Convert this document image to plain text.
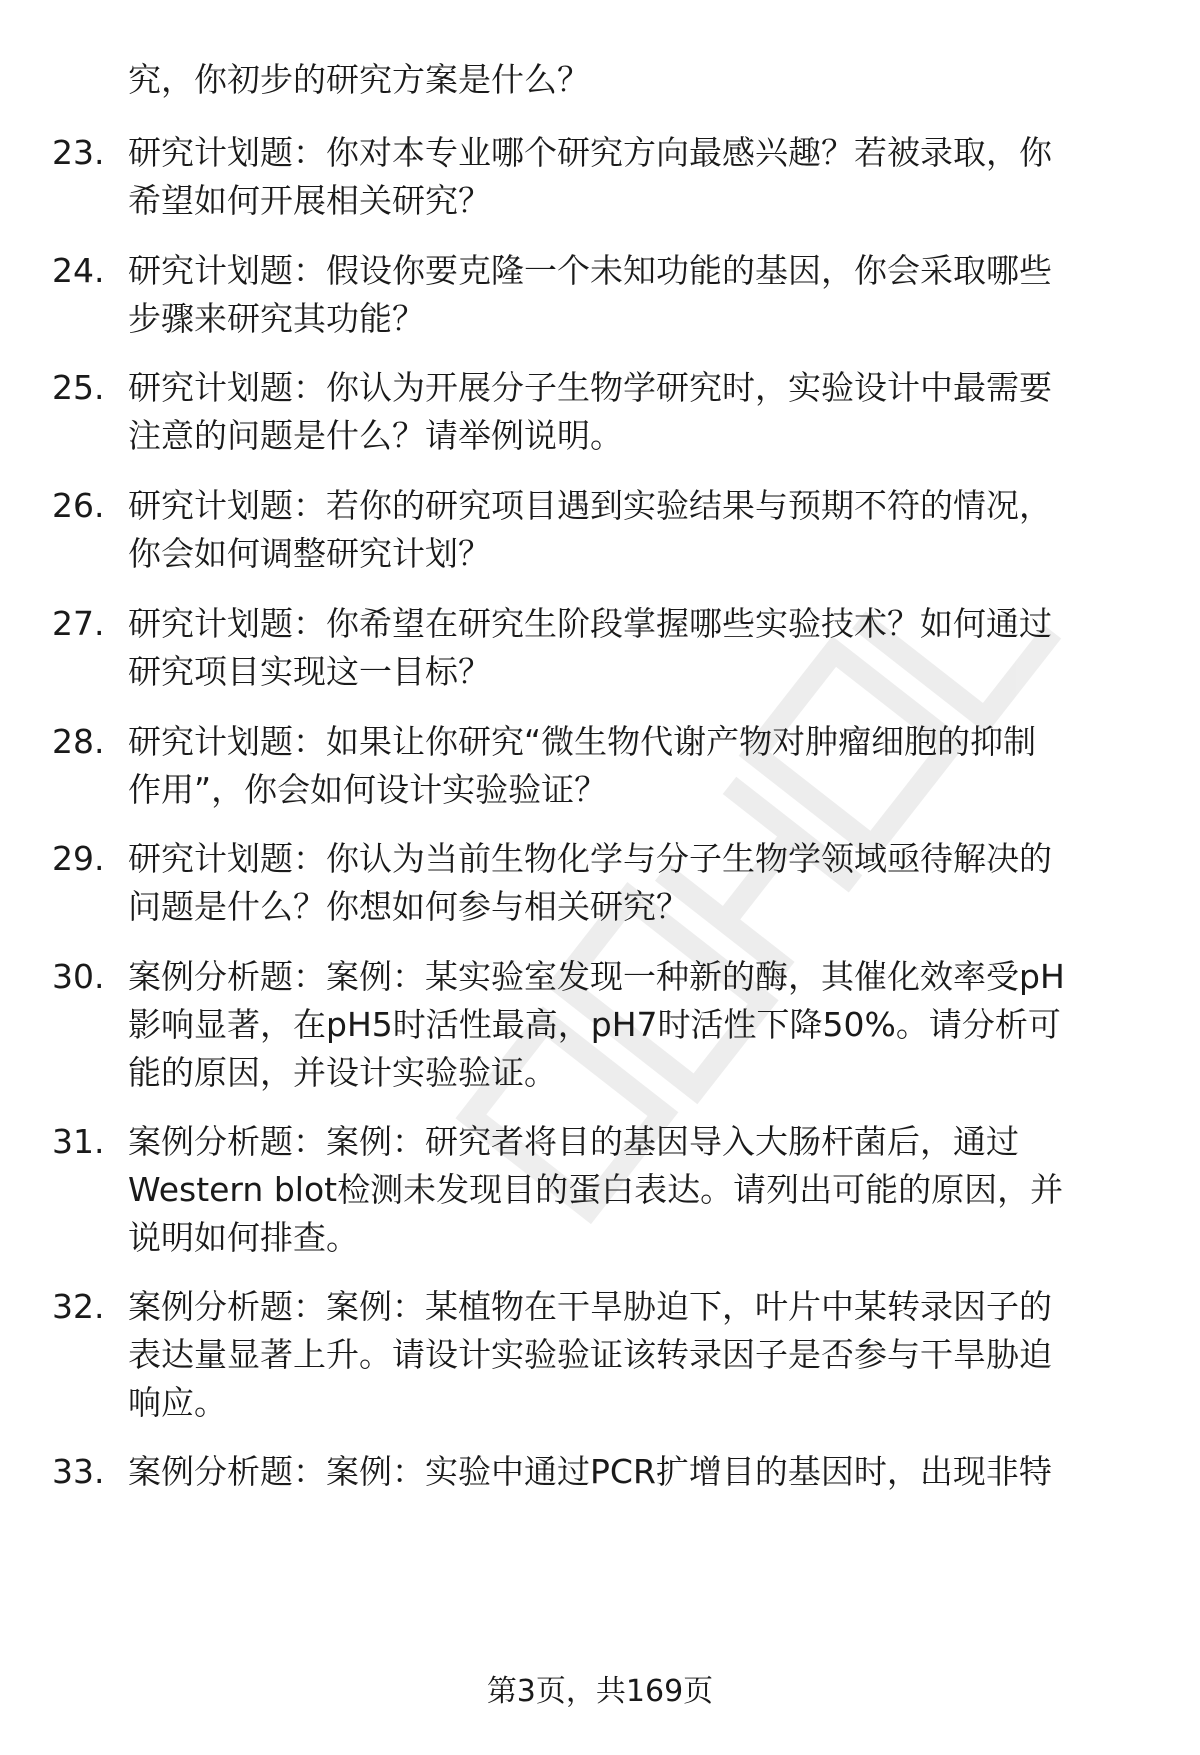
究，你初步的研究方案是什么？
23. 研究计划题：你对本专业哪个研究方向最感兴趣？若被录取，你
希望如何开展相关研究？
24. 研究计划题：假设你要克隆一个未知功能的基因，你会采取哪些
步骤来研究其功能？
25. 研究计划题：你认为开展分子生物学研究时，实验设计中最需要
注意的问题是什么？请举例说明。
26. 研究计划题：若你的研究项目遇到实验结果与预期不符的情况，
你会如何调整研究计划？
27. 研究计划题：你希望在研究生阶段掌握哪些实验技术？如何通过
研究项目实现这一目标？
28. 研究计划题：如果让你研究“微生物代谢产物对肿瘤细胞的抑制
作用”，你会如何设计实验验证？
29. 研究计划题：你认为当前生物化学与分子生物学领域亟待解决的
问题是什么？你想如何参与相关研究？
30. 案例分析题：案例：某实验室发现一种新的酶，其催化效率受pH
影响显著，在pH5时活性最高，pH7时活性下降50%。请分析可
能的原因，并设计实验验证。
31. 案例分析题：案例：研究者将目的基因导入大肠杆菌后，通过
Western blot检测未发现目的蛋白表达。请列出可能的原因，并
说明如何排查。
32. 案例分析题：案例：某植物在干旱胁迫下，叶片中某转录因子的
表达量显著上升。请设计实验验证该转录因子是否参与干旱胁迫
响应。
33. 案例分析题：案例：实验中通过PCR扩增目的基因时，出现非特
第3页，共169页
